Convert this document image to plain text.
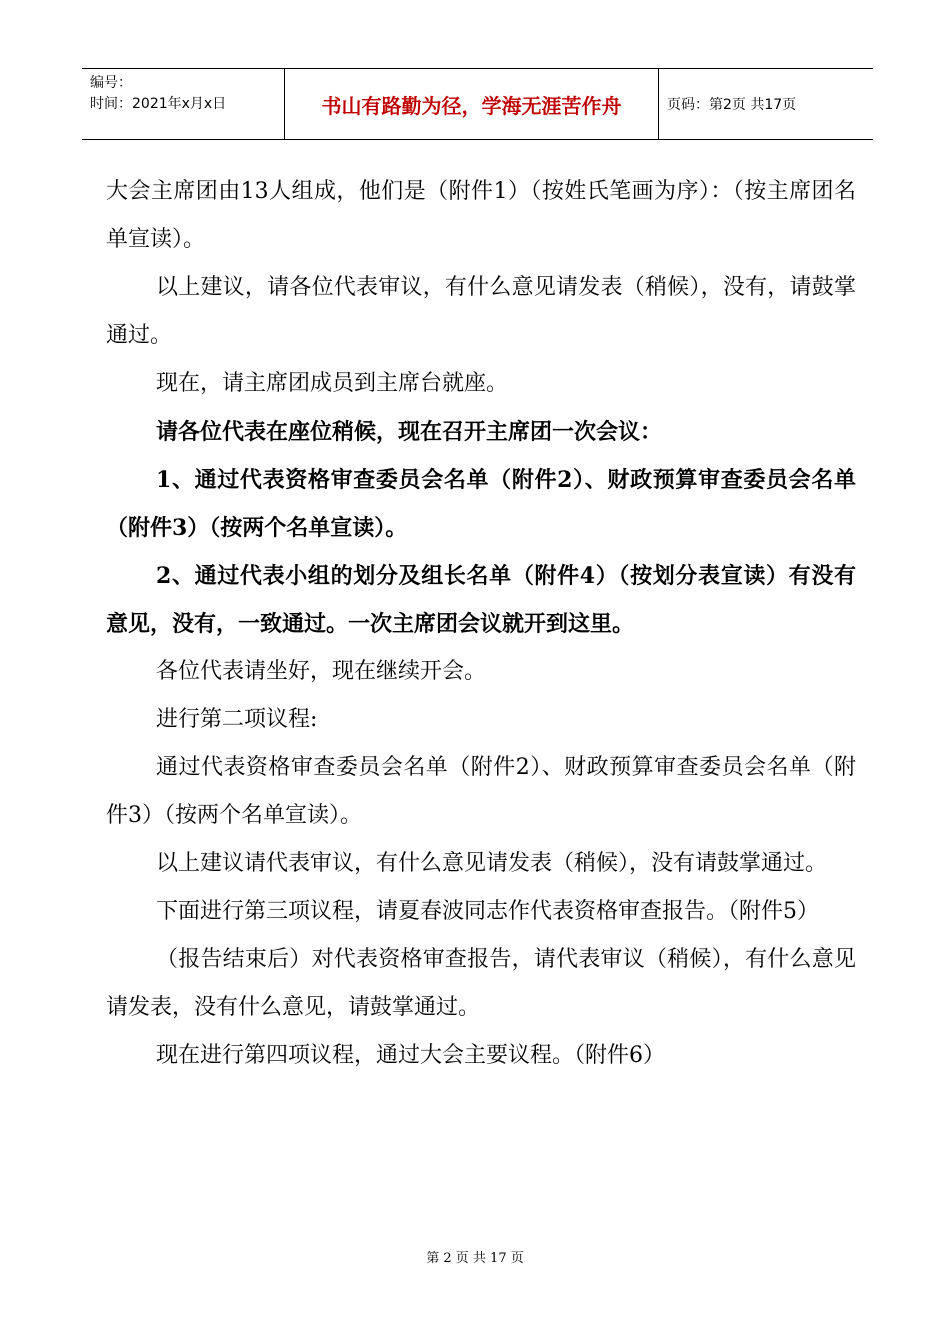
编号：
时间：2021年x月x日	书山有路勤为径，学海无涯苦作舟	页码：第2页 共17页

大会主席团由13人组成，他们是（附件1）（按姓氏笔画为序）：（按主席团名单宣读）。

以上建议，请各位代表审议，有什么意见请发表（稍候），没有，请鼓掌通过。

现在，请主席团成员到主席台就座。

请各位代表在座位稍候，现在召开主席团一次会议：

1、通过代表资格审查委员会名单（附件2）、财政预算审查委员会名单（附件3）（按两个名单宣读）。

2、通过代表小组的划分及组长名单（附件4）（按划分表宣读）有没有意见，没有，一致通过。一次主席团会议就开到这里。

各位代表请坐好，现在继续开会。

进行第二项议程:

通过代表资格审查委员会名单（附件2）、财政预算审查委员会名单（附件3）（按两个名单宣读）。

以上建议请代表审议，有什么意见请发表（稍候），没有请鼓掌通过。

下面进行第三项议程，请夏春波同志作代表资格审查报告。（附件5）

（报告结束后）对代表资格审查报告，请代表审议（稍候），有什么意见请发表，没有什么意见，请鼓掌通过。

现在进行第四项议程，通过大会主要议程。（附件6）

第 2 页 共 17 页
